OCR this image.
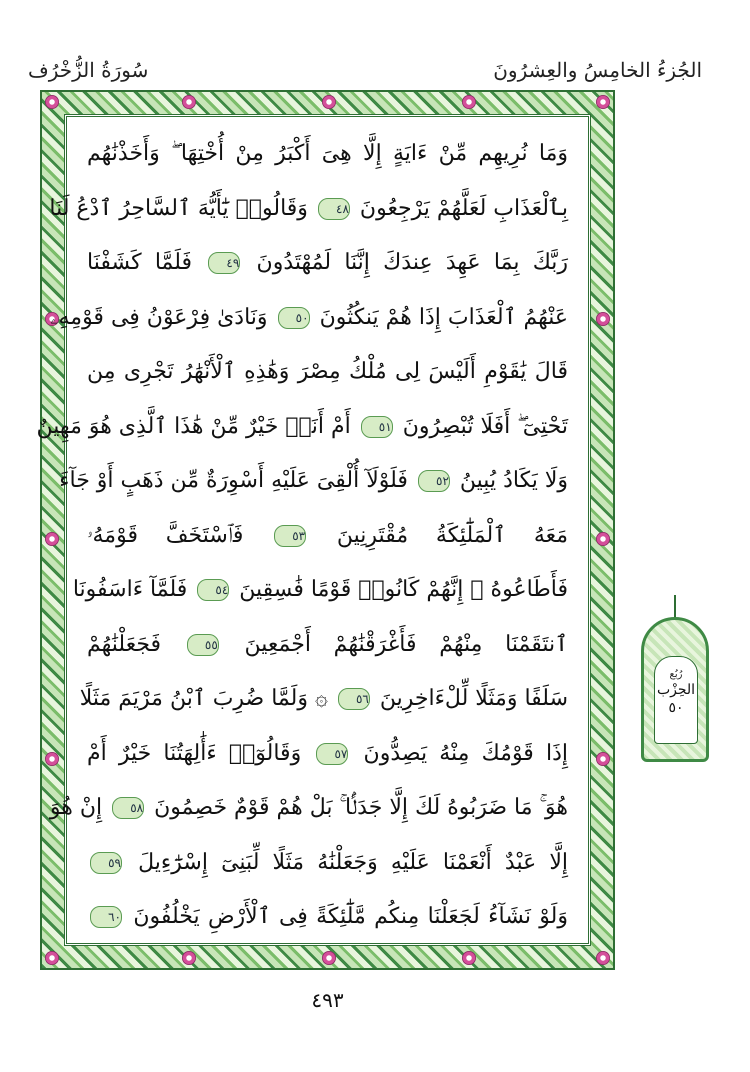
الجُزءُ الخامِسُ والعِشرُونَ
سُورَةُ الزُّخْرُف
وَمَا نُرِيهِم مِّنْ ءَايَةٍ إِلَّا هِىَ أَكْبَرُ مِنْ أُخْتِهَا ۖ وَأَخَذْنَٰهُم
بِٱلْعَذَابِ لَعَلَّهُمْ يَرْجِعُونَ ٤٨ وَقَالُوا۟ يَٰٓأَيُّهَ ٱلسَّاحِرُ ٱدْعُ لَنَا
رَبَّكَ بِمَا عَهِدَ عِندَكَ إِنَّنَا لَمُهْتَدُونَ ٤٩ فَلَمَّا كَشَفْنَا
عَنْهُمُ ٱلْعَذَابَ إِذَا هُمْ يَنكُثُونَ ٥٠ وَنَادَىٰ فِرْعَوْنُ فِى قَوْمِهِۦ
قَالَ يَٰقَوْمِ أَلَيْسَ لِى مُلْكُ مِصْرَ وَهَٰذِهِ ٱلْأَنْهَٰرُ تَجْرِى مِن
تَحْتِىٓ ۖ أَفَلَا تُبْصِرُونَ ٥١ أَمْ أَنَا۠ خَيْرٌ مِّنْ هَٰذَا ٱلَّذِى هُوَ مَهِينٌ
وَلَا يَكَادُ يُبِينُ ٥٢ فَلَوْلَآ أُلْقِىَ عَلَيْهِ أَسْوِرَةٌ مِّن ذَهَبٍ أَوْ جَآءَ
مَعَهُ ٱلْمَلَٰٓئِكَةُ مُقْتَرِنِينَ ٥٣ فَٱسْتَخَفَّ قَوْمَهُۥ
فَأَطَاعُوهُ ۚ إِنَّهُمْ كَانُوا۟ قَوْمًا فَٰسِقِينَ ٥٤ فَلَمَّآ ءَاسَفُونَا
ٱنتَقَمْنَا مِنْهُمْ فَأَغْرَقْنَٰهُمْ أَجْمَعِينَ ٥٥ فَجَعَلْنَٰهُمْ
سَلَفًا وَمَثَلًا لِّلْءَاخِرِينَ ٥٦ ۞ وَلَمَّا ضُرِبَ ٱبْنُ مَرْيَمَ مَثَلًا
إِذَا قَوْمُكَ مِنْهُ يَصِدُّونَ ٥٧ وَقَالُوٓا۟ ءَأَٰلِهَتُنَا خَيْرٌ أَمْ
هُوَ ۚ مَا ضَرَبُوهُ لَكَ إِلَّا جَدَلًۢا ۚ بَلْ هُمْ قَوْمٌ خَصِمُونَ ٥٨ إِنْ هُوَ
إِلَّا عَبْدٌ أَنْعَمْنَا عَلَيْهِ وَجَعَلْنَٰهُ مَثَلًا لِّبَنِىٓ إِسْرَٰٓءِيلَ ٥٩
وَلَوْ نَشَآءُ لَجَعَلْنَا مِنكُم مَّلَٰٓئِكَةً فِى ٱلْأَرْضِ يَخْلُفُونَ ٦٠
رُبُع
الحِزْب
٥٠
٤٩٣
